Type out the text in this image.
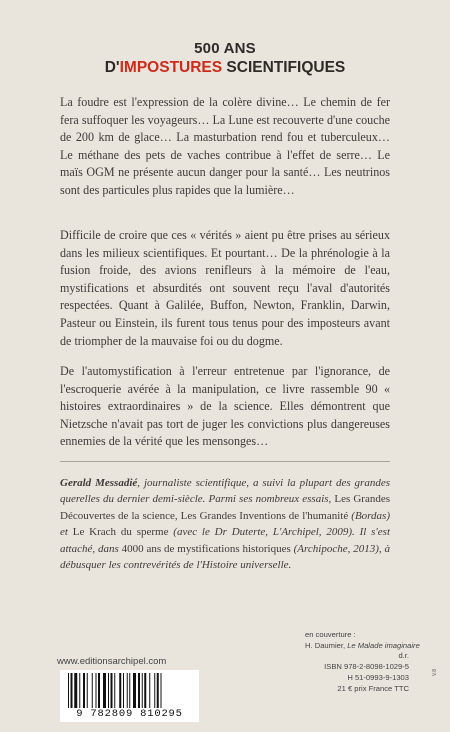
500 ANS
D'IMPOSTURES SCIENTIFIQUES

La foudre est l'expression de la colère divine… Le chemin de fer fera suffoquer les voyageurs… La Lune est recouverte d'une couche de 200 km de glace… La masturbation rend fou et tuberculeux… Le méthane des pets de vaches contribue à l'effet de serre… Le maïs OGM ne présente aucun danger pour la santé… Les neutrinos sont des particules plus rapides que la lumière…

Difficile de croire que ces « vérités » aient pu être prises au sérieux dans les milieux scientifiques. Et pourtant… De la phrénologie à la fusion froide, des avions renifleurs à la mémoire de l'eau, mystifications et absurdités ont souvent reçu l'aval d'autorités respectées. Quant à Galilée, Buffon, Newton, Franklin, Darwin, Pasteur ou Einstein, ils furent tous tenus pour des imposteurs avant de triompher de la mauvaise foi ou du dogme.

De l'automystification à l'erreur entretenue par l'ignorance, de l'escroquerie avérée à la manipulation, ce livre rassemble 90 « histoires extraordinaires » de la science. Elles démontrent que Nietzsche n'avait pas tort de juger les convictions plus dangereuses ennemies de la vérité que les mensonges…

Gerald Messadié, journaliste scientifique, a suivi la plupart des grandes querelles du dernier demi-siècle. Parmi ses nombreux essais, Les Grandes Découvertes de la science, Les Grandes Inventions de l'humanité (Bordas) et Le Krach du sperme (avec le Dr Duterte, L'Archipel, 2009). Il s'est attaché, dans 4000 ans de mystifications historiques (Archipoche, 2013), à débusquer les contrevérités de l'Histoire universelle.

www.editionsarchipel.com
en couverture :
H. Daumier, Le Malade imaginaire
d.r.
ISBN 978-2-8098-1029-5
H 51-0993-9-1303
21 € prix France TTC
V.8
9 782809 810295
